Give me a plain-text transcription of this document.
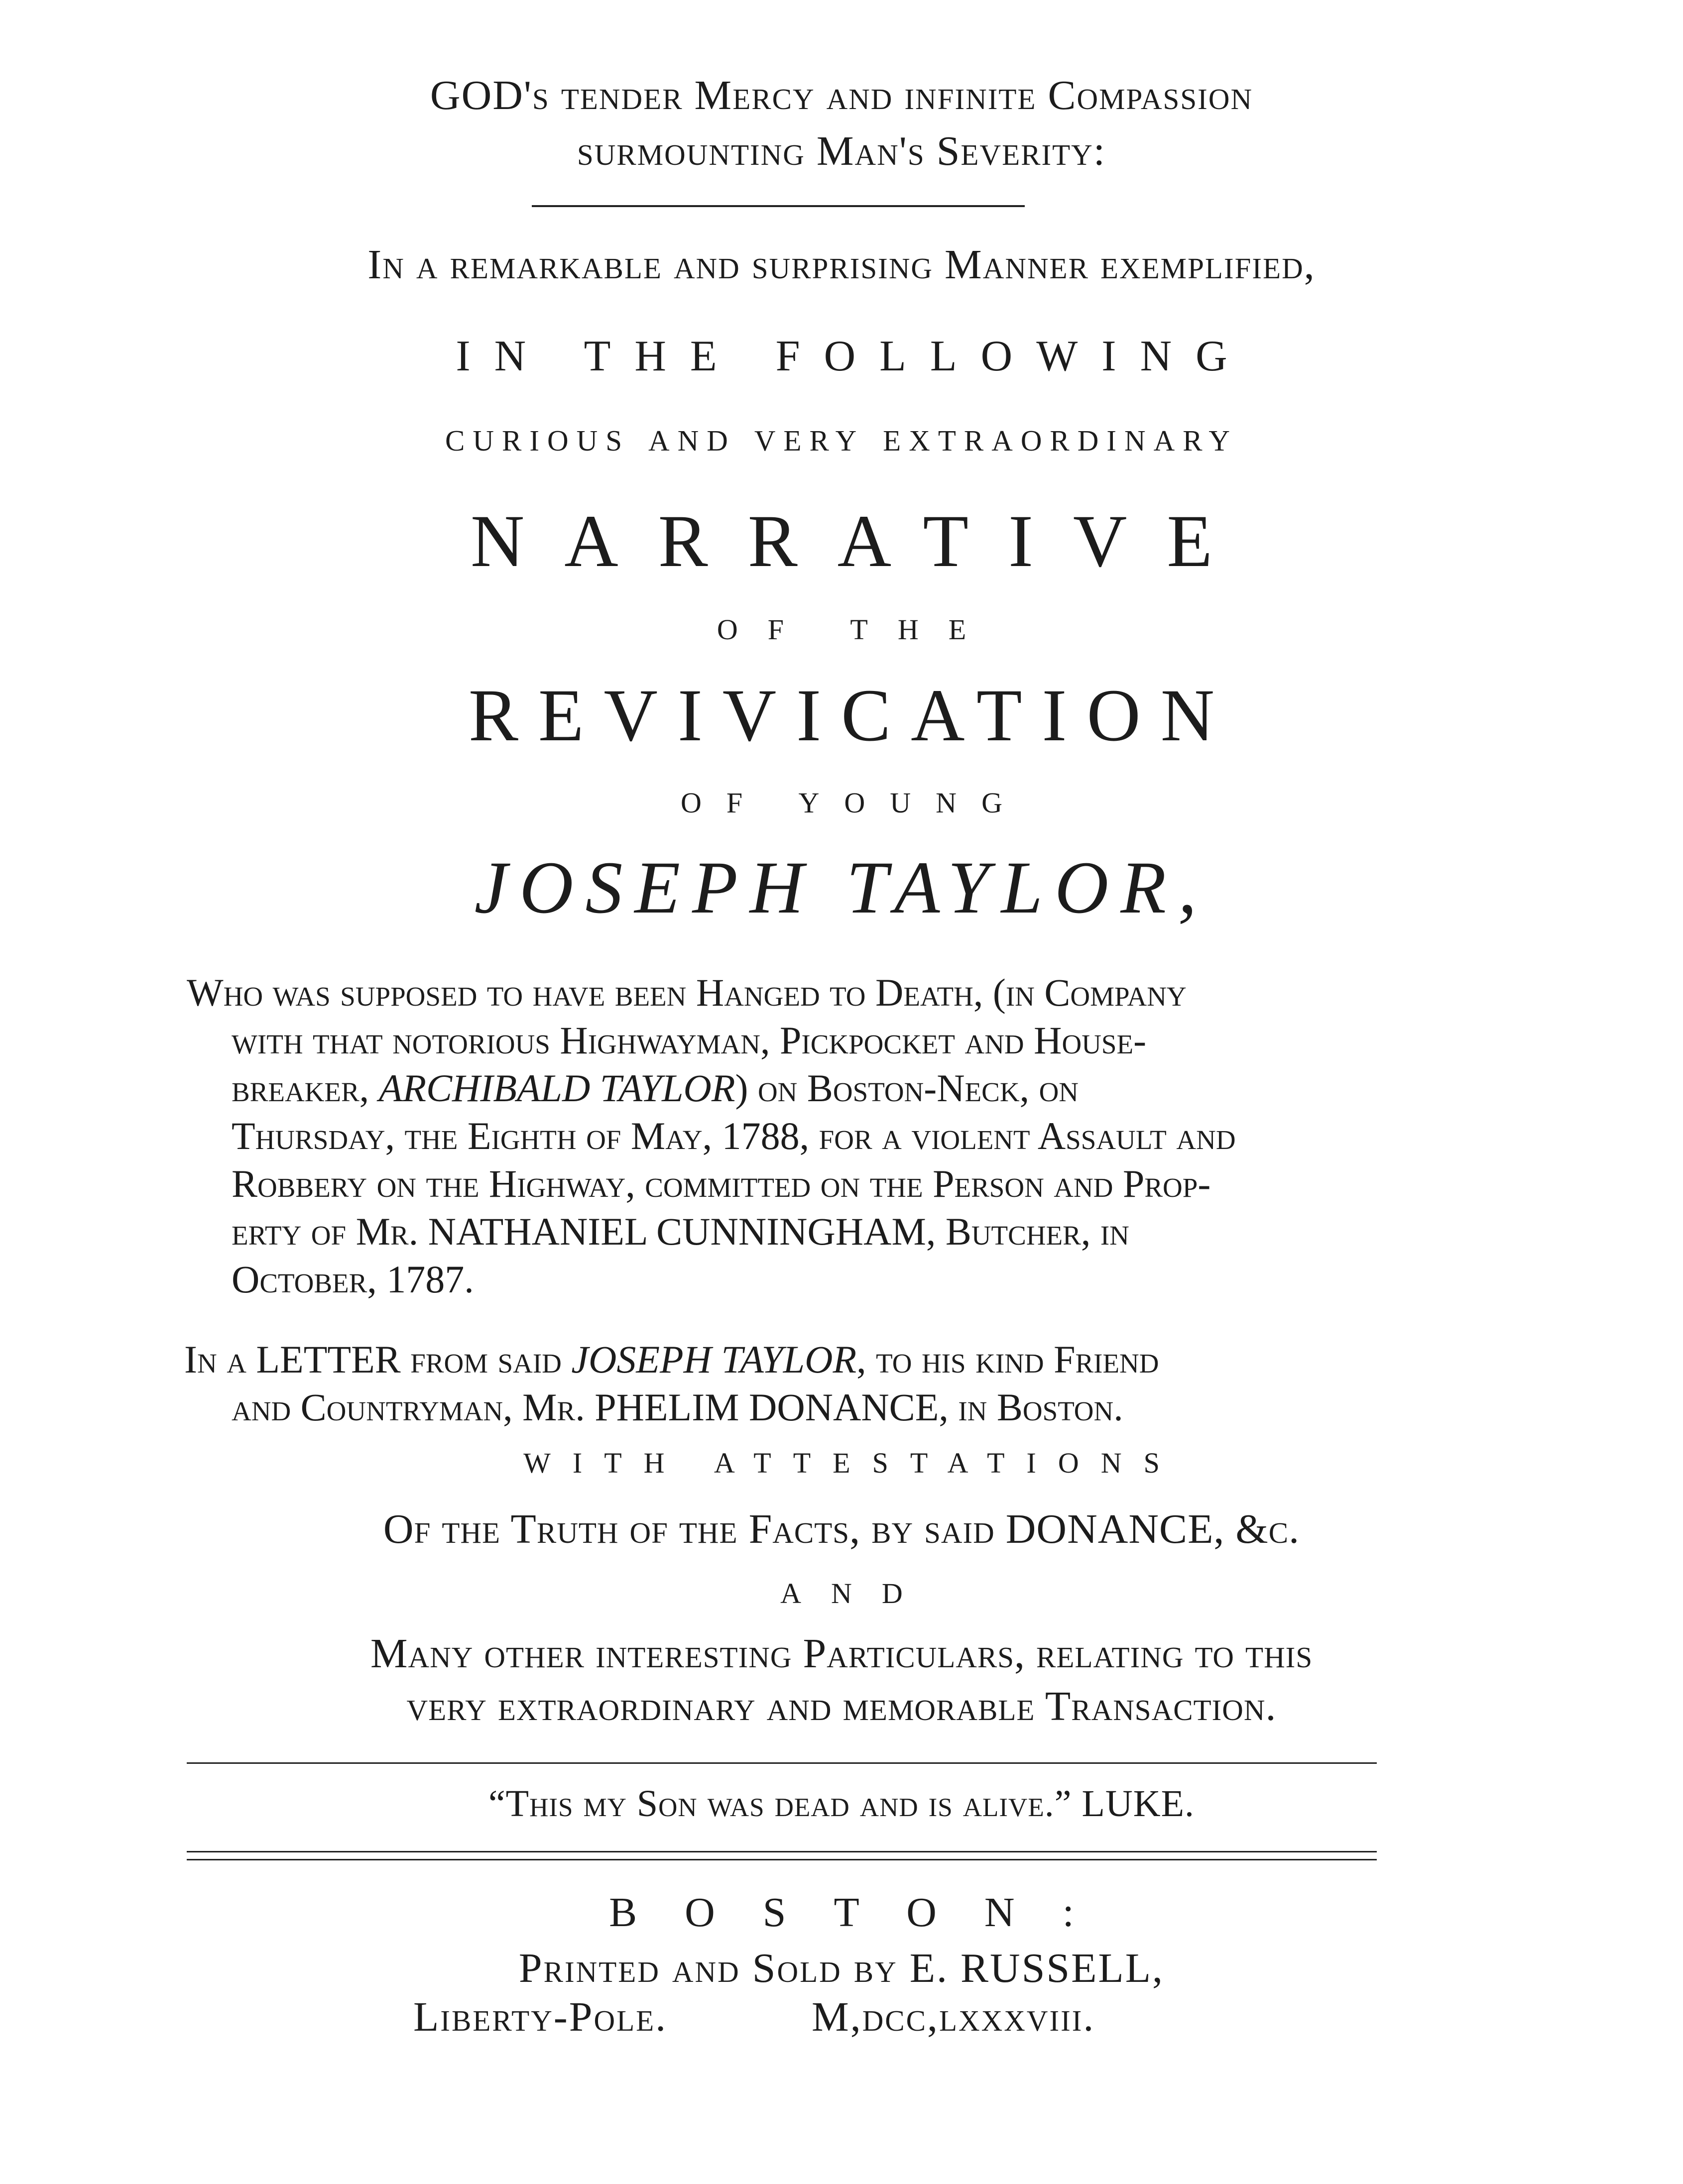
GOD's tender Mercy and infinite Compassion
surmounting Man's Severity:
In a remarkable and surprising Manner exemplified,
IN THE FOLLOWING
curious and very extraordinary
NARRATIVE
OF THE
REVIVICATION
OF YOUNG
JOSEPH TAYLOR,
Who was supposed to have been Hanged to Death, (in Company
with that notorious Highwayman, Pickpocket and House-
breaker, ARCHIBALD TAYLOR) on Boston-Neck, on
Thursday, the Eighth of May, 1788, for a violent Assault and
Robbery on the Highway, committed on the Person and Prop-
erty of Mr. NATHANIEL CUNNINGHAM, Butcher, in
October, 1787.
In a LETTER from said JOSEPH TAYLOR, to his kind Friend
and Countryman, Mr. PHELIM DONANCE, in Boston.
WITH ATTESTATIONS
Of the Truth of the Facts, by said DONANCE, &c.
AND
Many other interesting Particulars, relating to this
very extraordinary and memorable Transaction.
“This my Son was dead and is alive.” LUKE.
BOSTON:
Printed and Sold by E. RUSSELL,
Liberty-Pole.	M,dcc,lxxxviii.
